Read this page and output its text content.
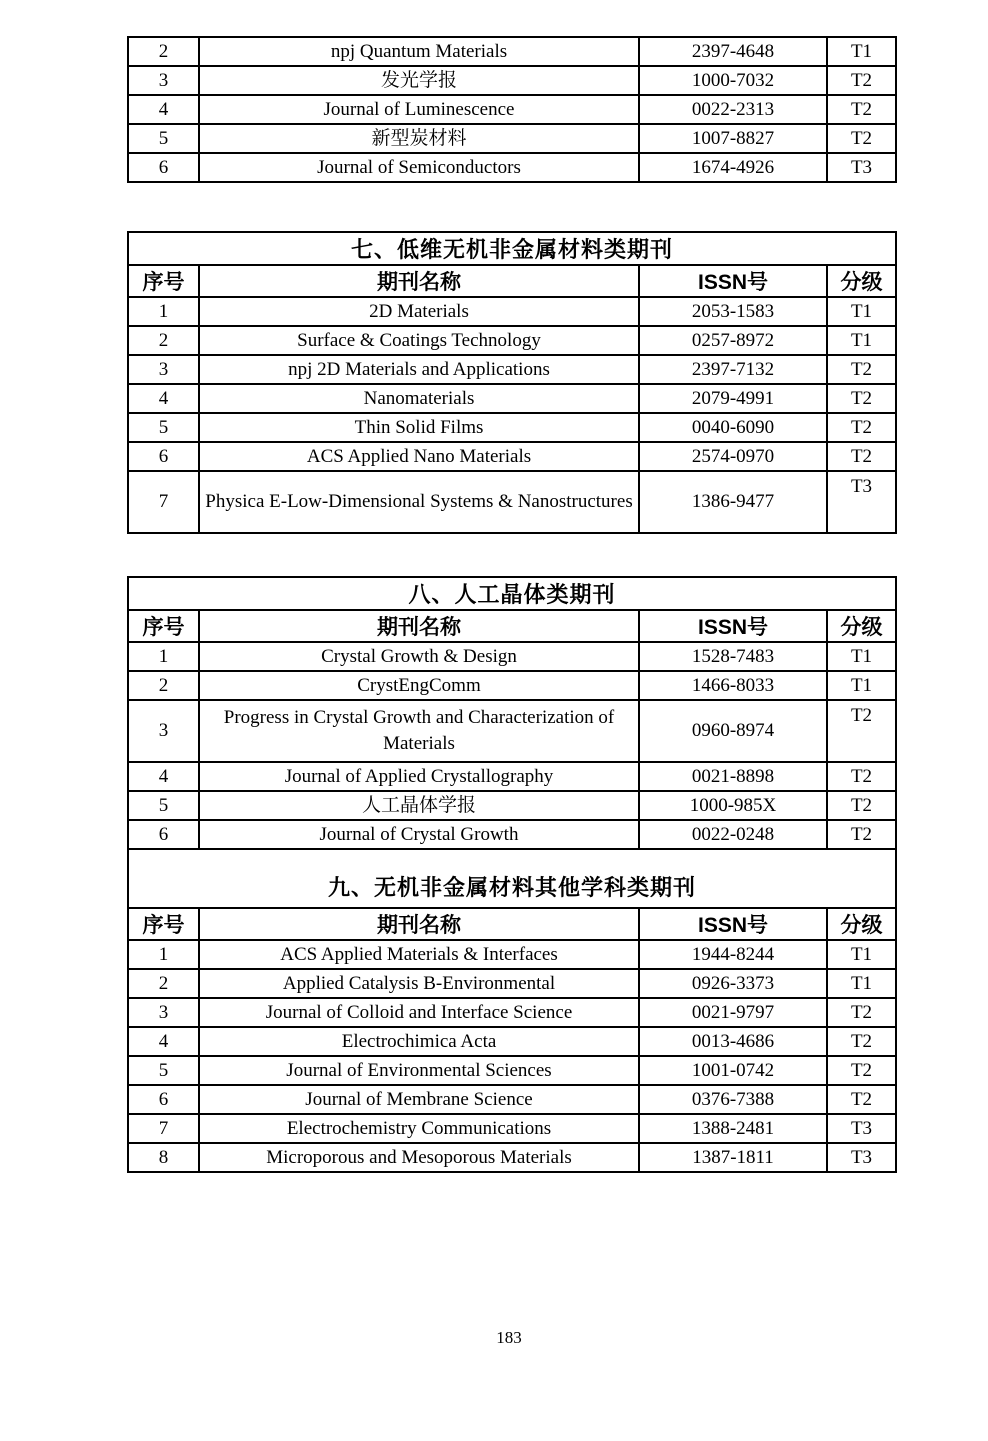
2	npj Quantum Materials	2397-4648	T1
3	发光学报	1000-7032	T2
4	Journal of Luminescence	0022-2313	T2
5	新型炭材料	1007-8827	T2
6	Journal of Semiconductors	1674-4926	T3
七、低维无机非金属材料类期刊			
序号	期刊名称	ISSN号	分级
1	2D Materials	2053-1583	T1
2	Surface & Coatings Technology	0257-8972	T1
3	npj 2D Materials and Applications	2397-7132	T2
4	Nanomaterials	2079-4991	T2
5	Thin Solid Films	0040-6090	T2
6	ACS Applied Nano Materials	2574-0970	T2
7	Physica E-Low-Dimensional Systems & Nanostructures	1386-9477	T3
八、人工晶体类期刊			
序号	期刊名称	ISSN号	分级
1	Crystal Growth & Design	1528-7483	T1
2	CrystEngComm	1466-8033	T1
3	Progress in Crystal Growth and Characterization of Materials	0960-8974	T2
4	Journal of Applied Crystallography	0021-8898	T2
5	人工晶体学报	1000-985X	T2
6	Journal of Crystal Growth	0022-0248	T2
九、无机非金属材料其他学科类期刊			
序号	期刊名称	ISSN号	分级
1	ACS Applied Materials & Interfaces	1944-8244	T1
2	Applied Catalysis B-Environmental	0926-3373	T1
3	Journal of Colloid and Interface Science	0021-9797	T2
4	Electrochimica Acta	0013-4686	T2
5	Journal of Environmental Sciences	1001-0742	T2
6	Journal of Membrane Science	0376-7388	T2
7	Electrochemistry Communications	1388-2481	T3
8	Microporous and Mesoporous Materials	1387-1811	T3
183
